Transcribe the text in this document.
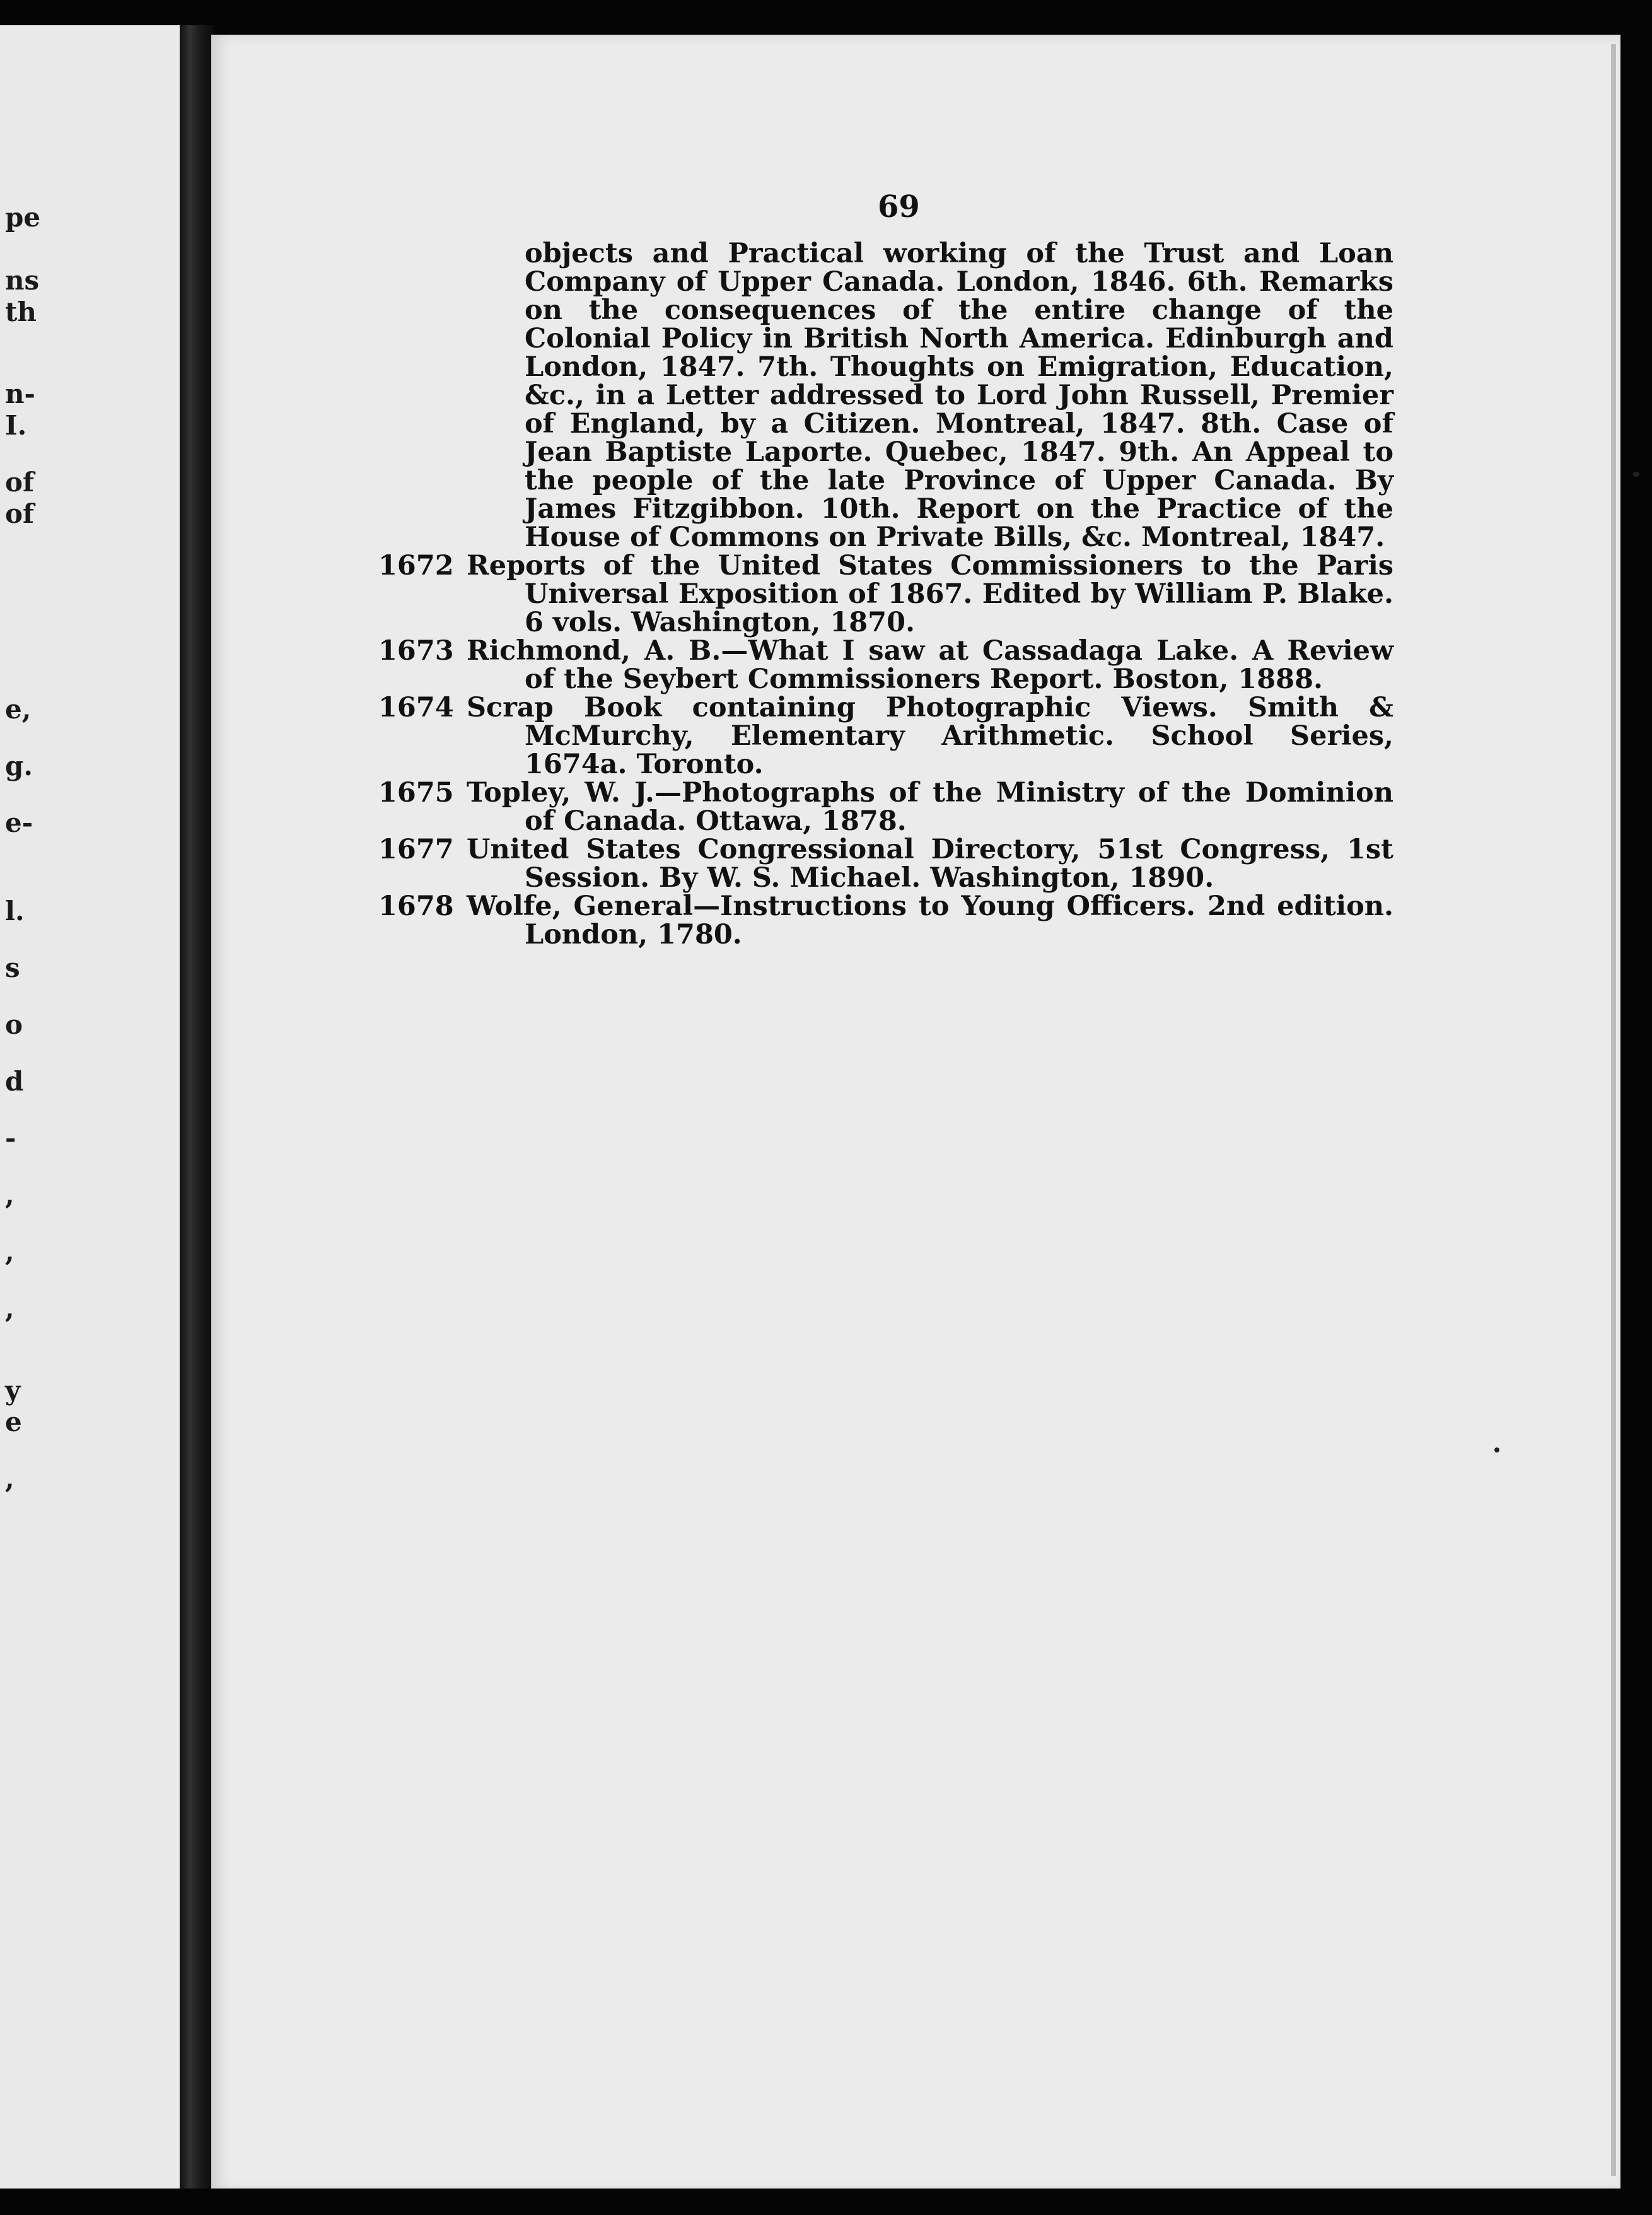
pe
ns
th
n-
I.
of
of
e,
g.
e-
l.
s
o
d
-
,
,
,
y
e
,
69
objects and Practical working of the Trust and Loan Company of Upper Canada. London, 1846. 6th. Remarks on the consequences of the entire change of the Colonial Policy in British North America. Edinburgh and London, 1847. 7th. Thoughts on Emigration, Education, &c., in a Letter addressed to Lord John Russell, Premier of England, by a Citizen. Montreal, 1847. 8th. Case of Jean Baptiste Laporte. Quebec, 1847. 9th. An Appeal to the people of the late Province of Upper Canada. By James Fitzgibbon. 10th. Report on the Practice of the House of Commons on Private Bills, &c. Montreal, 1847.
1672 Reports of the United States Commissioners to the Paris Universal Exposition of 1867. Edited by William P. Blake. 6 vols. Washington, 1870.
1673 Richmond, A. B.—What I saw at Cassadaga Lake. A Review of the Seybert Commissioners Report. Boston, 1888.
1674 Scrap Book containing Photographic Views. Smith & McMurchy, Elementary Arithmetic. School Series, 1674a. Toronto.
1675 Topley, W. J.—Photographs of the Ministry of the Dominion of Canada. Ottawa, 1878.
1677 United States Congressional Directory, 51st Congress, 1st Session. By W. S. Michael. Washington, 1890.
1678 Wolfe, General—Instructions to Young Officers. 2nd edition. London, 1780.
